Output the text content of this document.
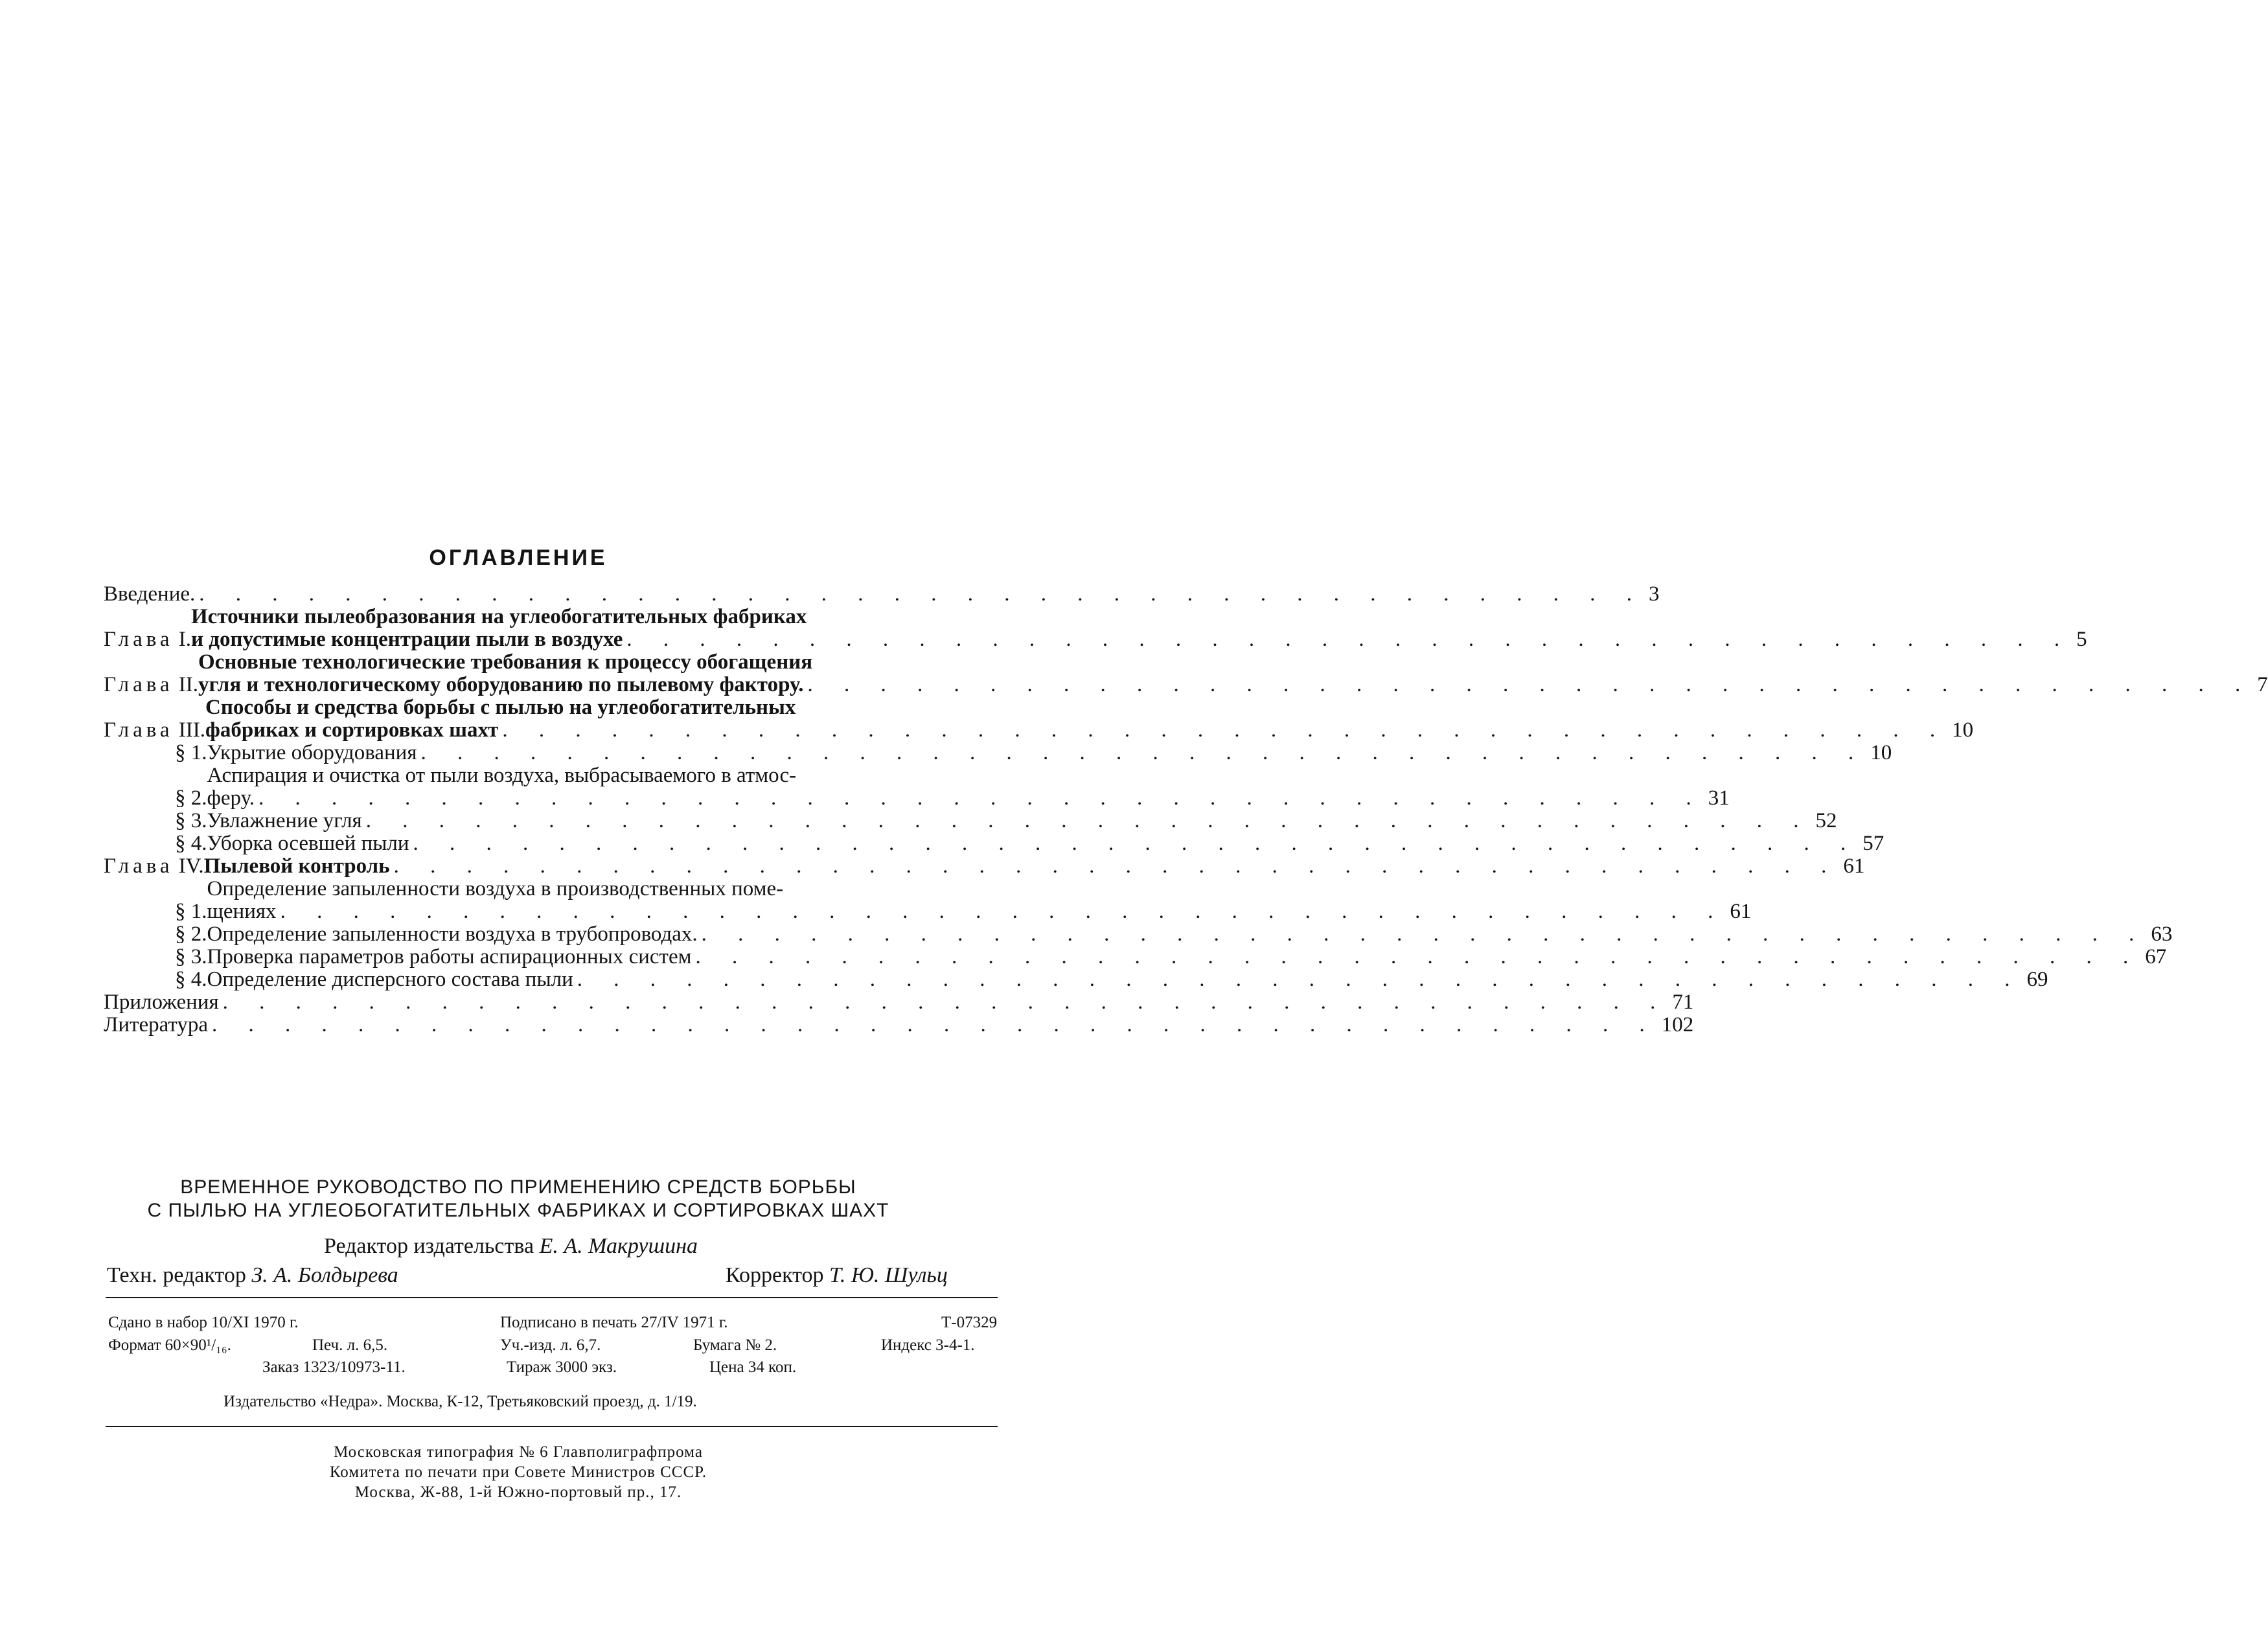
ОГЛАВЛЕНИЕ
Введение. . . . . . . . . . . . . . . . . . . . . . . . . . . . . . . . . . . . . . . . . 3
Глава I.
Источники пылеобразования на углеобогатительных фабриках
и допустимые концентрации пыли в воздухе . . . . . . . . . . . . . . . . . . . . . . . . . . . . . . . . . . . . . . . . 5
Глава II.
Основные технологические требования к процессу обогащения
угля и технологическому оборудованию по пылевому фактору. . . . . . . . . . . . . . . . . . . . . . . . . . . . . . . . . . . . . . . . . 7
Глава III.
Способы и средства борьбы с пылью на углеобогатительных
фабриках и сортировках шахт . . . . . . . . . . . . . . . . . . . . . . . . . . . . . . . . . . . . . . . . 10
§ 1. Укрытие оборудования . . . . . . . . . . . . . . . . . . . . . . . . . . . . . . . . . . . . . . . . 10
§ 2.
Аспирация и очистка от пыли воздуха, выбрасываемого в атмос-
феру. . . . . . . . . . . . . . . . . . . . . . . . . . . . . . . . . . . . . . . . . 31
§ 3. Увлажнение угля . . . . . . . . . . . . . . . . . . . . . . . . . . . . . . . . . . . . . . . . 52
§ 4. Уборка осевшей пыли . . . . . . . . . . . . . . . . . . . . . . . . . . . . . . . . . . . . . . . . 57
Глава IV. Пылевой контроль . . . . . . . . . . . . . . . . . . . . . . . . . . . . . . . . . . . . . . . . 61
§ 1.
Определение запыленности воздуха в производственных поме-
щениях . . . . . . . . . . . . . . . . . . . . . . . . . . . . . . . . . . . . . . . . 61
§ 2. Определение запыленности воздуха в трубопроводах. . . . . . . . . . . . . . . . . . . . . . . . . . . . . . . . . . . . . . . . . 63
§ 3. Проверка параметров работы аспирационных систем . . . . . . . . . . . . . . . . . . . . . . . . . . . . . . . . . . . . . . . . 67
§ 4. Определение дисперсного состава пыли . . . . . . . . . . . . . . . . . . . . . . . . . . . . . . . . . . . . . . . . 69
Приложения . . . . . . . . . . . . . . . . . . . . . . . . . . . . . . . . . . . . . . . . 71
Литература . . . . . . . . . . . . . . . . . . . . . . . . . . . . . . . . . . . . . . . . 102
ВРЕМЕННОЕ РУКОВОДСТВО ПО ПРИМЕНЕНИЮ СРЕДСТВ БОРЬБЫ
С ПЫЛЬЮ НА УГЛЕОБОГАТИТЕЛЬНЫХ ФАБРИКАХ И СОРТИРОВКАХ ШАХТ
Редактор издательства Е. А. Макрушина
Техн. редактор З. А. Болдырева	Корректор Т. Ю. Шульц
Сдано в набор 10/XI 1970 г.	Подписано в печать 27/IV 1971 г.	Т-07329
Формат 60×90¹/₁₆.	Печ. л. 6,5.	Уч.-изд. л. 6,7.	Бумага № 2.	Индекс 3-4-1.
Заказ 1323/10973-11.	Тираж 3000 экз.	Цена 34 коп.
Издательство «Недра». Москва, К-12, Третьяковский проезд, д. 1/19.
Московская типография № 6 Главполиграфпрома
Комитета по печати при Совете Министров СССР.
Москва, Ж-88, 1-й Южно-портовый пр., 17.
